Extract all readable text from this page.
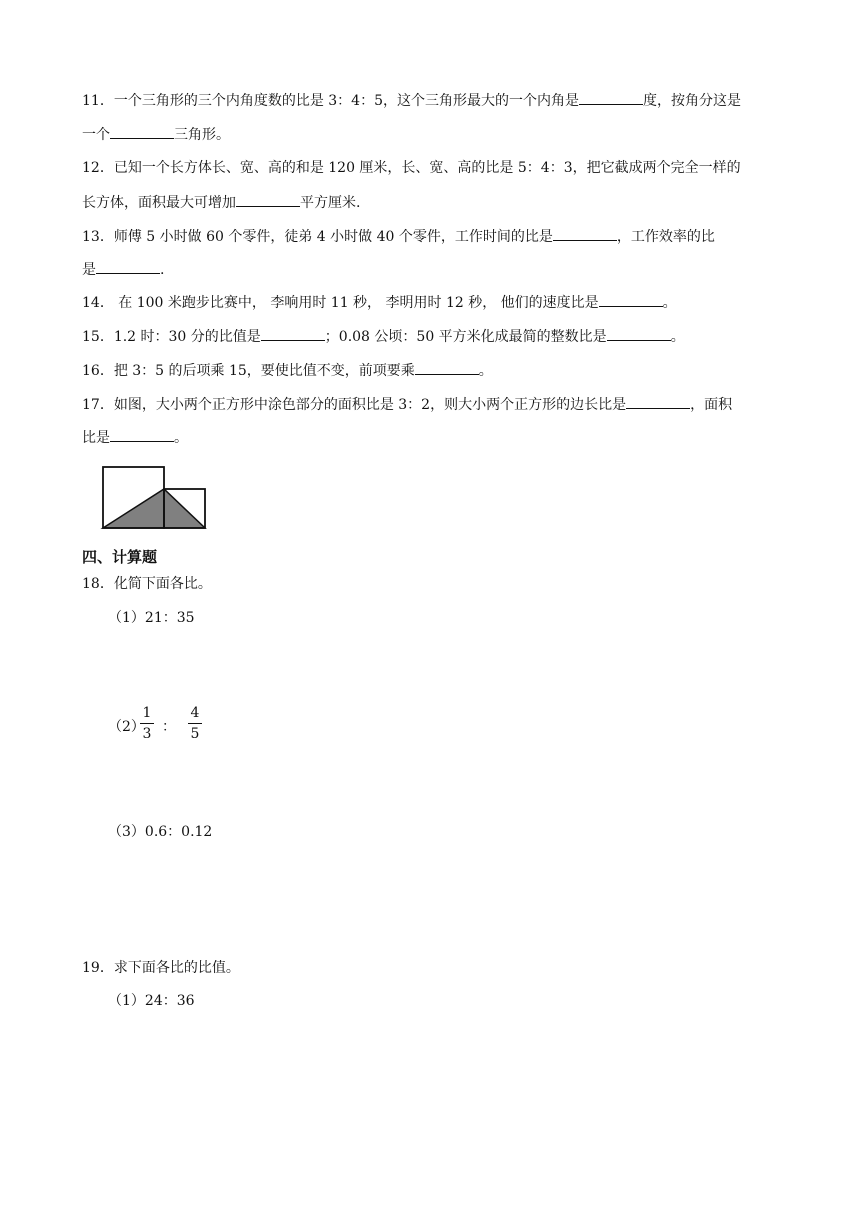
11．一个三角形的三个内角度数的比是 3：4：5，这个三角形最大的一个内角是	度，按角分这是
一个	三角形。
12．已知一个长方体长、宽、高的和是 120 厘米，长、宽、高的比是 5：4：3，把它截成两个完全一样的
长方体，面积最大可增加	平方厘米.
13．师傅 5 小时做 60 个零件，徒弟 4 小时做 40 个零件，工作时间的比是	，工作效率的比
是	.
14． 在 100 米跑步比赛中， 李响用时 11 秒， 李明用时 12 秒， 他们的速度比是	。
15．1.2 时：30 分的比值是	；0.08 公顷：50 平方米化成最简的整数比是	。
16．把 3：5 的后项乘 15，要使比值不变，前项要乘	。
17．如图，大小两个正方形中涂色部分的面积比是 3：2，则大小两个正方形的边长比是	，面积
比是	。
四、计算题
18．化简下面各比。
（1）21：35
（2）
1
3 ：
4
5
（3）0.6：0.12
19．求下面各比的比值。
（1）24：36
